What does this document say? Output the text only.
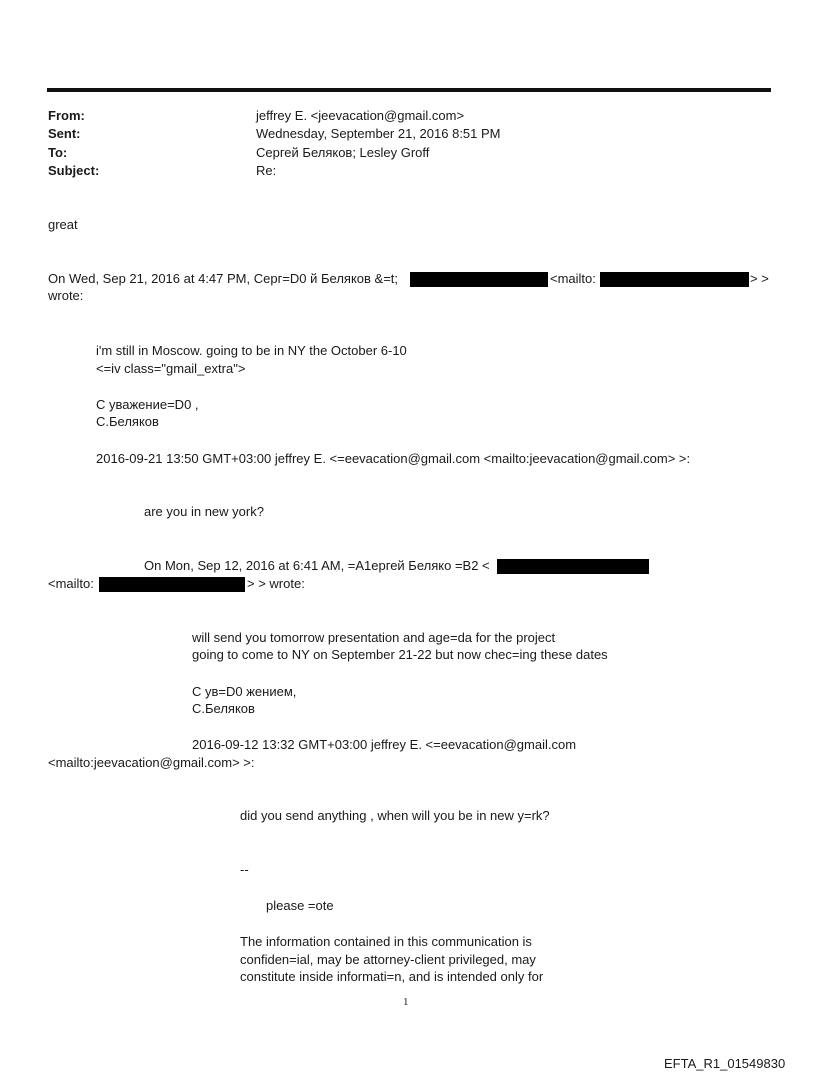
From:	jeffrey E. <jeevacation@gmail.com>
Sent:	Wednesday, September 21, 2016 8:51 PM
To:	Сергей Беляков; Lesley Groff
Subject:	Re:
great
On Wed, Sep 21, 2016 at 4:47 PM, Серг=D0 й Беляков &=t;	<mailto:	> >
wrote:
i'm still in Moscow. going to be in NY the October 6-10
<=iv class="gmail_extra">
С уважение=D0 ,
С.Беляков
2016-09-21 13:50 GMT+03:00 jeffrey E. <=eevacation@gmail.com <mailto:jeevacation@gmail.com> >:
are you in new york?
On Mon, Sep 12, 2016 at 6:41 AM, =A1ергей Беляко =B2 <
<mailto:	> > wrote:
will send you tomorrow presentation and age=da for the project
going to come to NY on September 21-22 but now chec=ing these dates
С ув=D0 жением,
С.Беляков
2016-09-12 13:32 GMT+03:00 jeffrey E. <=eevacation@gmail.com
<mailto:jeevacation@gmail.com> >:
did you send anything , when will you be in new y=rk?
--
please =ote
The information contained in this communication is
confiden=ial, may be attorney-client privileged, may
constitute inside informati=n, and is intended only for
1
EFTA_R1_01549830
